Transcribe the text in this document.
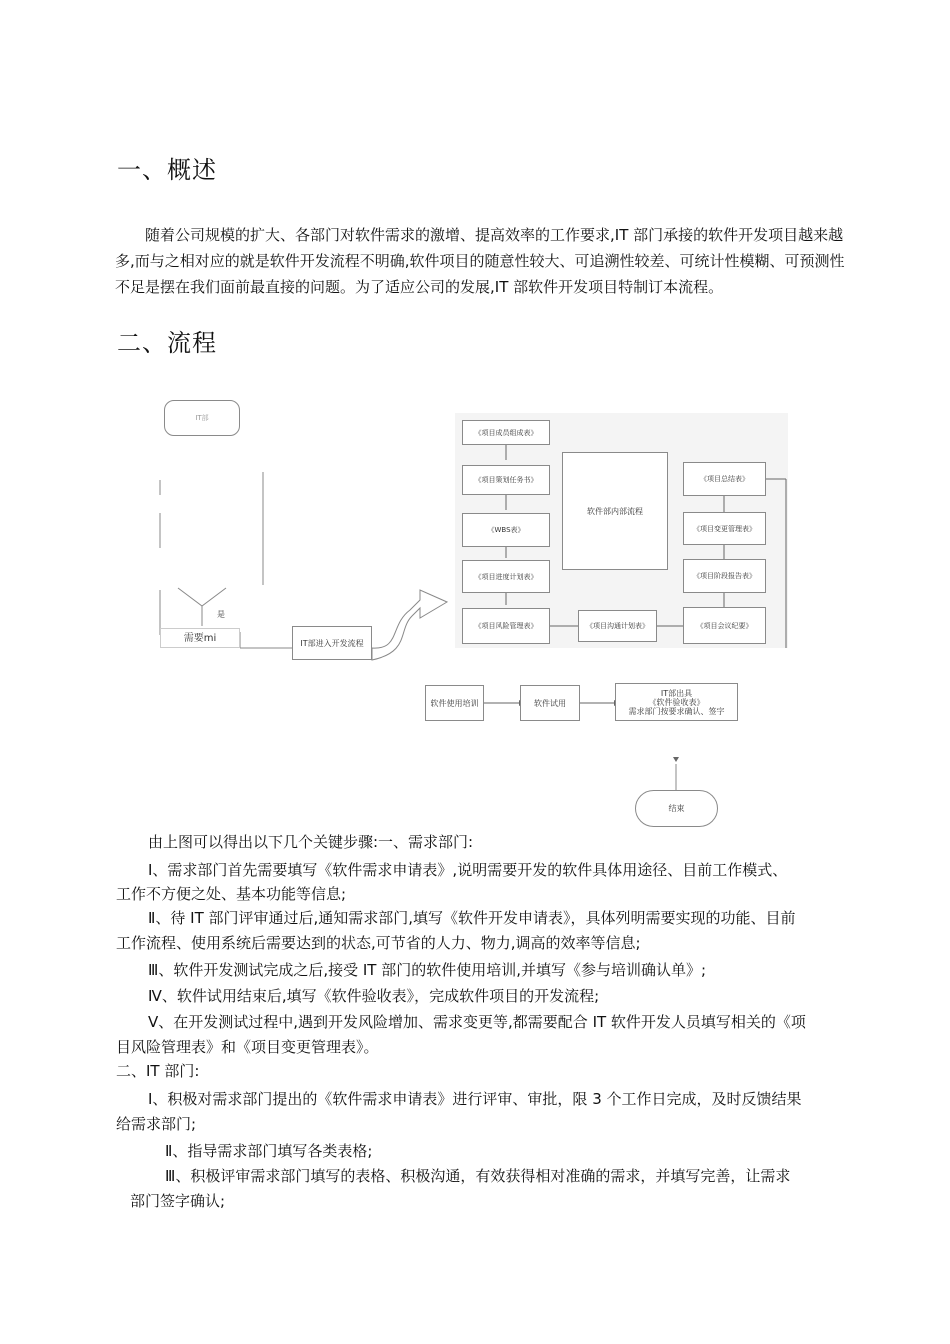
一、概述
随着公司规模的扩大、各部门对软件需求的激增、提高效率的工作要求,IT 部门承接的软件开发项目越来越多,而与之相对应的就是软件开发流程不明确,软件项目的随意性较大、可追溯性较差、可统计性模糊、可预测性不足是摆在我们面前最直接的问题。为了适应公司的发展,IT 部软件开发项目特制订本流程。
二、流程
IT部
是
需要mi	IT部进入开发流程
《项目成员组成表》
《项目策划任务书》
《WBS表》
《项目进度计划表》
《项目风险管理表》
软件部内部流程
《项目沟通计划表》
《项目总结表》
《项目变更管理表》
《项目阶段报告表》
《项目会议纪要》
软件使用培训	软件试用
IT部出具
《软件验收表》
需求部门按要求确认、签字
结束
由上图可以得出以下几个关键步骤:一、需求部门:
Ⅰ、需求部门首先需要填写《软件需求申请表》,说明需要开发的软件具体用途径、目前工作模式、
工作不方便之处、基本功能等信息;
Ⅱ、待 IT 部门评审通过后,通知需求部门,填写《软件开发申请表》，具体列明需要实现的功能、目前
工作流程、使用系统后需要达到的状态,可节省的人力、物力,调高的效率等信息;
Ⅲ、软件开发测试完成之后,接受 IT 部门的软件使用培训,并填写《参与培训确认单》;
Ⅳ、软件试用结束后,填写《软件验收表》，完成软件项目的开发流程;
Ⅴ、在开发测试过程中,遇到开发风险增加、需求变更等,都需要配合 IT 软件开发人员填写相关的《项
目风险管理表》和《项目变更管理表》。
二、IT 部门:
Ⅰ、积极对需求部门提出的《软件需求申请表》进行评审、审批，限 3 个工作日完成，及时反馈结果
给需求部门;
Ⅱ、指导需求部门填写各类表格;
Ⅲ、积极评审需求部门填写的表格、积极沟通，有效获得相对准确的需求，并填写完善，让需求
部门签字确认;
